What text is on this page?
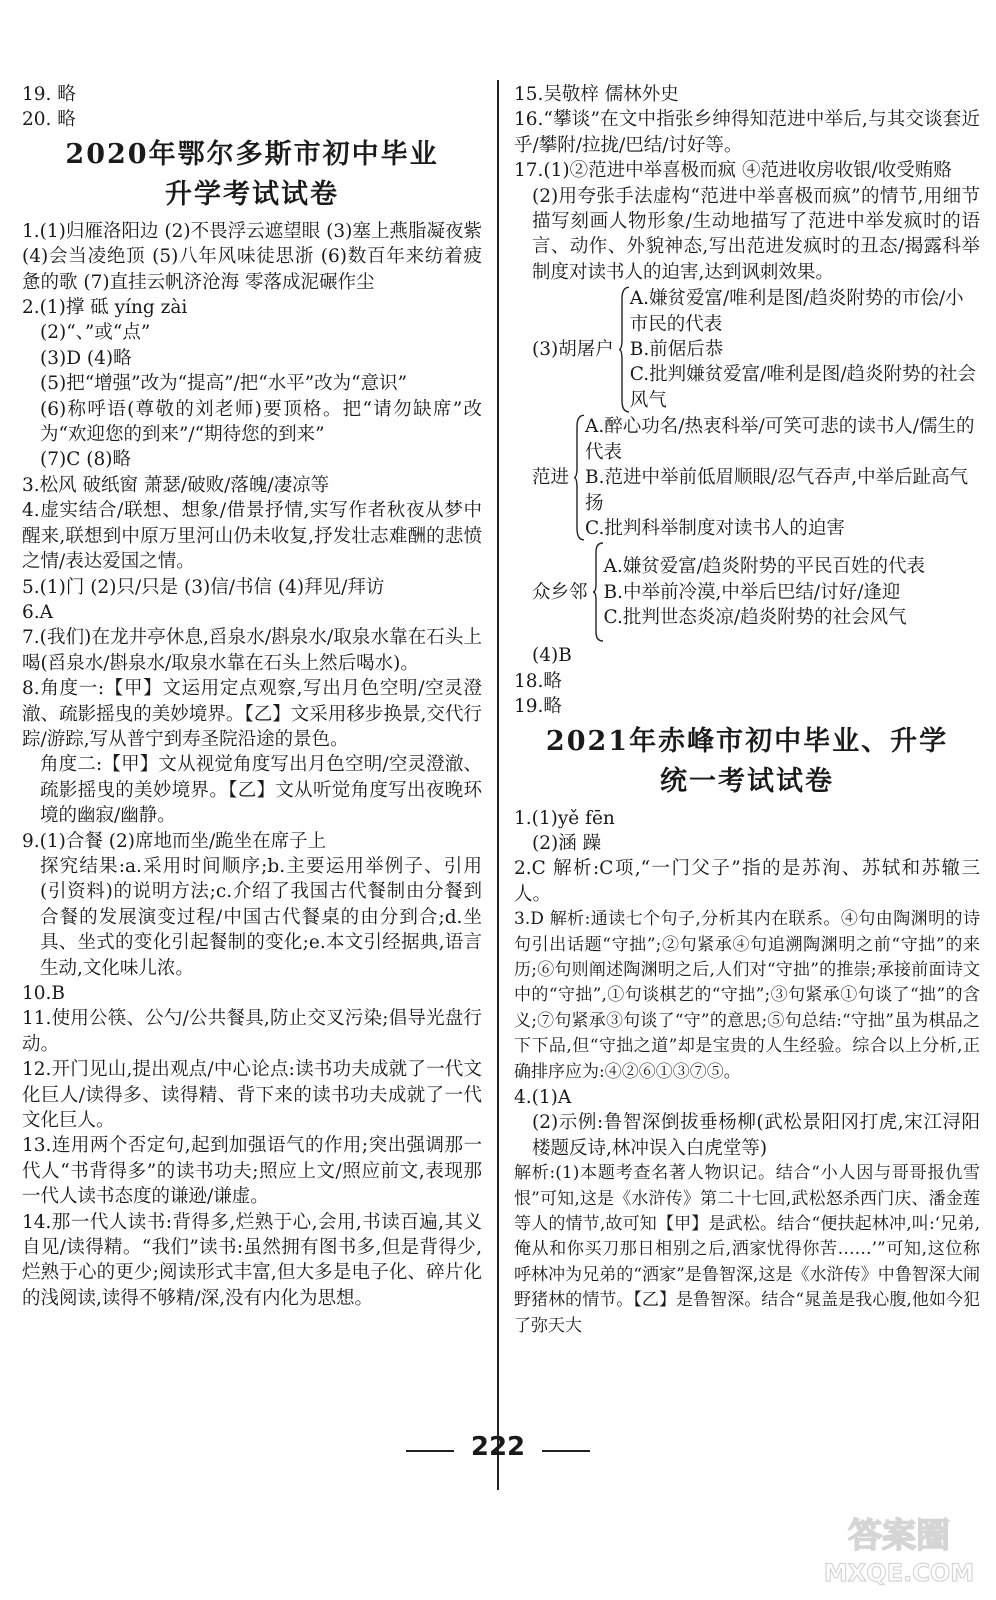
19. 略

20. 略

2020年鄂尔多斯市初中毕业
升学考试试卷

1.(1)归雁洛阳边 (2)不畏浮云遮望眼 (3)塞上燕脂凝夜紫 (4)会当凌绝顶 (5)八年风味徒思浙 (6)数百年来纺着疲惫的歌 (7)直挂云帆济沧海 零落成泥碾作尘

2.(1)撑 砥 yíng zài

(2)“、”或“点”

(3)D (4)略

(5)把“增强”改为“提高”/把“水平”改为“意识”

(6)称呼语(尊敬的刘老师)要顶格。把“请勿缺席”改为“欢迎您的到来”/“期待您的到来”

(7)C (8)略

3.松风 破纸窗 萧瑟/破败/落魄/凄凉等

4.虚实结合/联想、想象/借景抒情,实写作者秋夜从梦中醒来,联想到中原万里河山仍未收复,抒发壮志难酬的悲愤之情/表达爱国之情。

5.(1)门 (2)只/只是 (3)信/书信 (4)拜见/拜访

6.A

7.(我们)在龙井亭休息,舀泉水/斟泉水/取泉水靠在石头上喝(舀泉水/斟泉水/取泉水靠在石头上然后喝水)。

8.角度一:【甲】文运用定点观察,写出月色空明/空灵澄澈、疏影摇曳的美妙境界。【乙】文采用移步换景,交代行踪/游踪,写从普宁到寿圣院沿途的景色。

角度二:【甲】文从视觉角度写出月色空明/空灵澄澈、疏影摇曳的美妙境界。【乙】文从听觉角度写出夜晚环境的幽寂/幽静。

9.(1)合餐 (2)席地而坐/跪坐在席子上

探究结果:a.采用时间顺序;b.主要运用举例子、引用(引资料)的说明方法;c.介绍了我国古代餐制由分餐到合餐的发展演变过程/中国古代餐桌的由分到合;d.坐具、坐式的变化引起餐制的变化;e.本文引经据典,语言生动,文化味儿浓。

10.B

11.使用公筷、公勺/公共餐具,防止交叉污染;倡导光盘行动。

12.开门见山,提出观点/中心论点:读书功夫成就了一代文化巨人/读得多、读得精、背下来的读书功夫成就了一代文化巨人。

13.连用两个否定句,起到加强语气的作用;突出强调那一代人“书背得多”的读书功夫;照应上文/照应前文,表现那一代人读书态度的谦逊/谦虚。

14.那一代人读书:背得多,烂熟于心,会用,书读百遍,其义自见/读得精。“我们”读书:虽然拥有图书多,但是背得少,烂熟于心的更少;阅读形式丰富,但大多是电子化、碎片化的浅阅读,读得不够精/深,没有内化为思想。

15.吴敬梓 儒林外史

16.“攀谈”在文中指张乡绅得知范进中举后,与其交谈套近乎/攀附/拉拢/巴结/讨好等。

17.(1)②范进中举喜极而疯 ④范进收房收银/收受贿赂

(2)用夸张手法虚构“范进中举喜极而疯”的情节,用细节描写刻画人物形象/生动地描写了范进中举发疯时的语言、动作、外貌神态,写出范进发疯时的丑态/揭露科举制度对读书人的迫害,达到讽刺效果。

(3)胡屠户
A.嫌贫爱富/唯利是图/趋炎附势的市侩/小市民的代表
B.前倨后恭
C.批判嫌贫爱富/唯利是图/趋炎附势的社会风气
范进
A.醉心功名/热衷科举/可笑可悲的读书人/儒生的代表
B.范进中举前低眉顺眼/忍气吞声,中举后趾高气扬
C.批判科举制度对读书人的迫害
众乡邻
A.嫌贫爱富/趋炎附势的平民百姓的代表
B.中举前冷漠,中举后巴结/讨好/逢迎
C.批判世态炎凉/趋炎附势的社会风气

(4)B

18.略

19.略

2021年赤峰市初中毕业、升学
统一考试试卷

1.(1)yě fēn

(2)涵 躁

2.C 解析:C项,“一门父子”指的是苏洵、苏轼和苏辙三人。

3.D 解析:通读七个句子,分析其内在联系。④句由陶渊明的诗句引出话题“守拙”;②句紧承④句追溯陶渊明之前“守拙”的来历;⑥句则阐述陶渊明之后,人们对“守拙”的推崇;承接前面诗文中的“守拙”,①句谈棋艺的“守拙”;③句紧承①句谈了“拙”的含义;⑦句紧承③句谈了“守”的意思;⑤句总结:“守拙”虽为棋品之下下品,但“守拙之道”却是宝贵的人生经验。综合以上分析,正确排序应为:④②⑥①③⑦⑤。

4.(1)A

(2)示例:鲁智深倒拔垂杨柳(武松景阳冈打虎,宋江浔阳楼题反诗,林冲误入白虎堂等)

解析:(1)本题考查名著人物识记。结合“小人因与哥哥报仇雪恨”可知,这是《水浒传》第二十七回,武松怒杀西门庆、潘金莲等人的情节,故可知【甲】是武松。结合“便扶起林冲,叫:‘兄弟,俺从和你买刀那日相别之后,洒家忧得你苦……’”可知,这位称呼林冲为兄弟的“洒家”是鲁智深,这是《水浒传》中鲁智深大闹野猪林的情节。【乙】是鲁智深。结合“晁盖是我心腹,他如今犯了弥天大

222
答案圈
MXQE.COM
